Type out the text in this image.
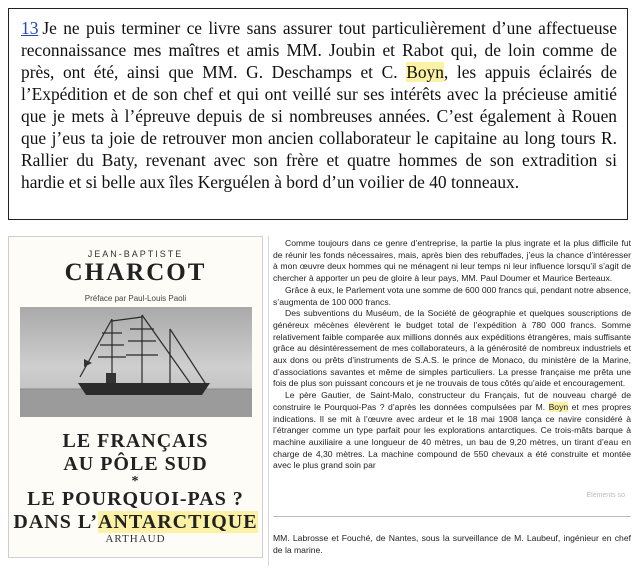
13 Je ne puis terminer ce livre sans assurer tout particulièrement d’une affectueuse reconnaissance mes maîtres et amis MM. Joubin et Rabot qui, de loin comme de près, ont été, ainsi que MM. G. Deschamps et C. Boyn, les appuis éclairés de l’Expédition et de son chef et qui ont veillé sur ses intérêts avec la précieuse amitié que je mets à l’épreuve depuis de si nombreuses années. C’est également à Rouen que j’eus ta joie de retrouver mon ancien collaborateur le capitaine au long tours R. Rallier du Baty, revenant avec son frère et quatre hommes de son extradition si hardie et si belle aux îles Kerguélen à bord d’un voilier de 40 tonneaux.

JEAN-BAPTISTE
CHARCOT
Préface par Paul-Louis Paoli
LE FRANÇAIS
AU PÔLE SUD
*
LE POURQUOI-PAS ?
DANS L’ANTARCTIQUE
ARTHAUD

Comme toujours dans ce genre d’entreprise, la partie la plus ingrate et la plus difficile fut de réunir les fonds nécessaires, mais, après bien des rebuffades, j’eus la chance d’intéresser à mon œuvre deux hommes qui ne ménagent ni leur temps ni leur influence lorsqu’il s’agit de chercher à apporter un peu de gloire à leur pays, MM. Paul Doumer et Maurice Berteaux.

Grâce à eux, le Parlement vota une somme de 600 000 francs qui, pendant notre absence, s’augmenta de 100 000 francs.

Des subventions du Muséum, de la Société de géographie et quelques souscriptions de généreux mécènes élevèrent le budget total de l’expédition à 780 000 francs. Somme relativement faible comparée aux millions donnés aux expéditions étrangères, mais suffisante grâce au désintéressement de mes collaborateurs, à la générosité de nombreux industriels et aux dons ou prêts d’instruments de S.A.S. le prince de Monaco, du ministère de la Marine, d’associations savantes et même de simples particuliers. La presse française me prêta une fois de plus son puissant concours et je ne trouvais de tous côtés qu’aide et encouragement.

Le père Gautier, de Saint-Malo, constructeur du Français, fut de nouveau chargé de construire le Pourquoi-Pas ? d’après les données compulsées par M. Boyn et mes propres indications. Il se mit à l’œuvre avec ardeur et le 18 mai 1908 lança ce navire considéré à l’étranger comme un type parfait pour les explorations antarctiques. Ce trois-mâts barque à machine auxiliaire a une longueur de 40 mètres, un bau de 9,20 mètres, un tirant d’eau en charge de 4,30 mètres. La machine compound de 550 chevaux a été construite et montée avec le plus grand soin par

Éléments so

MM. Labrosse et Fouché, de Nantes, sous la surveillance de M. Laubeuf, ingénieur en chef de la marine.
